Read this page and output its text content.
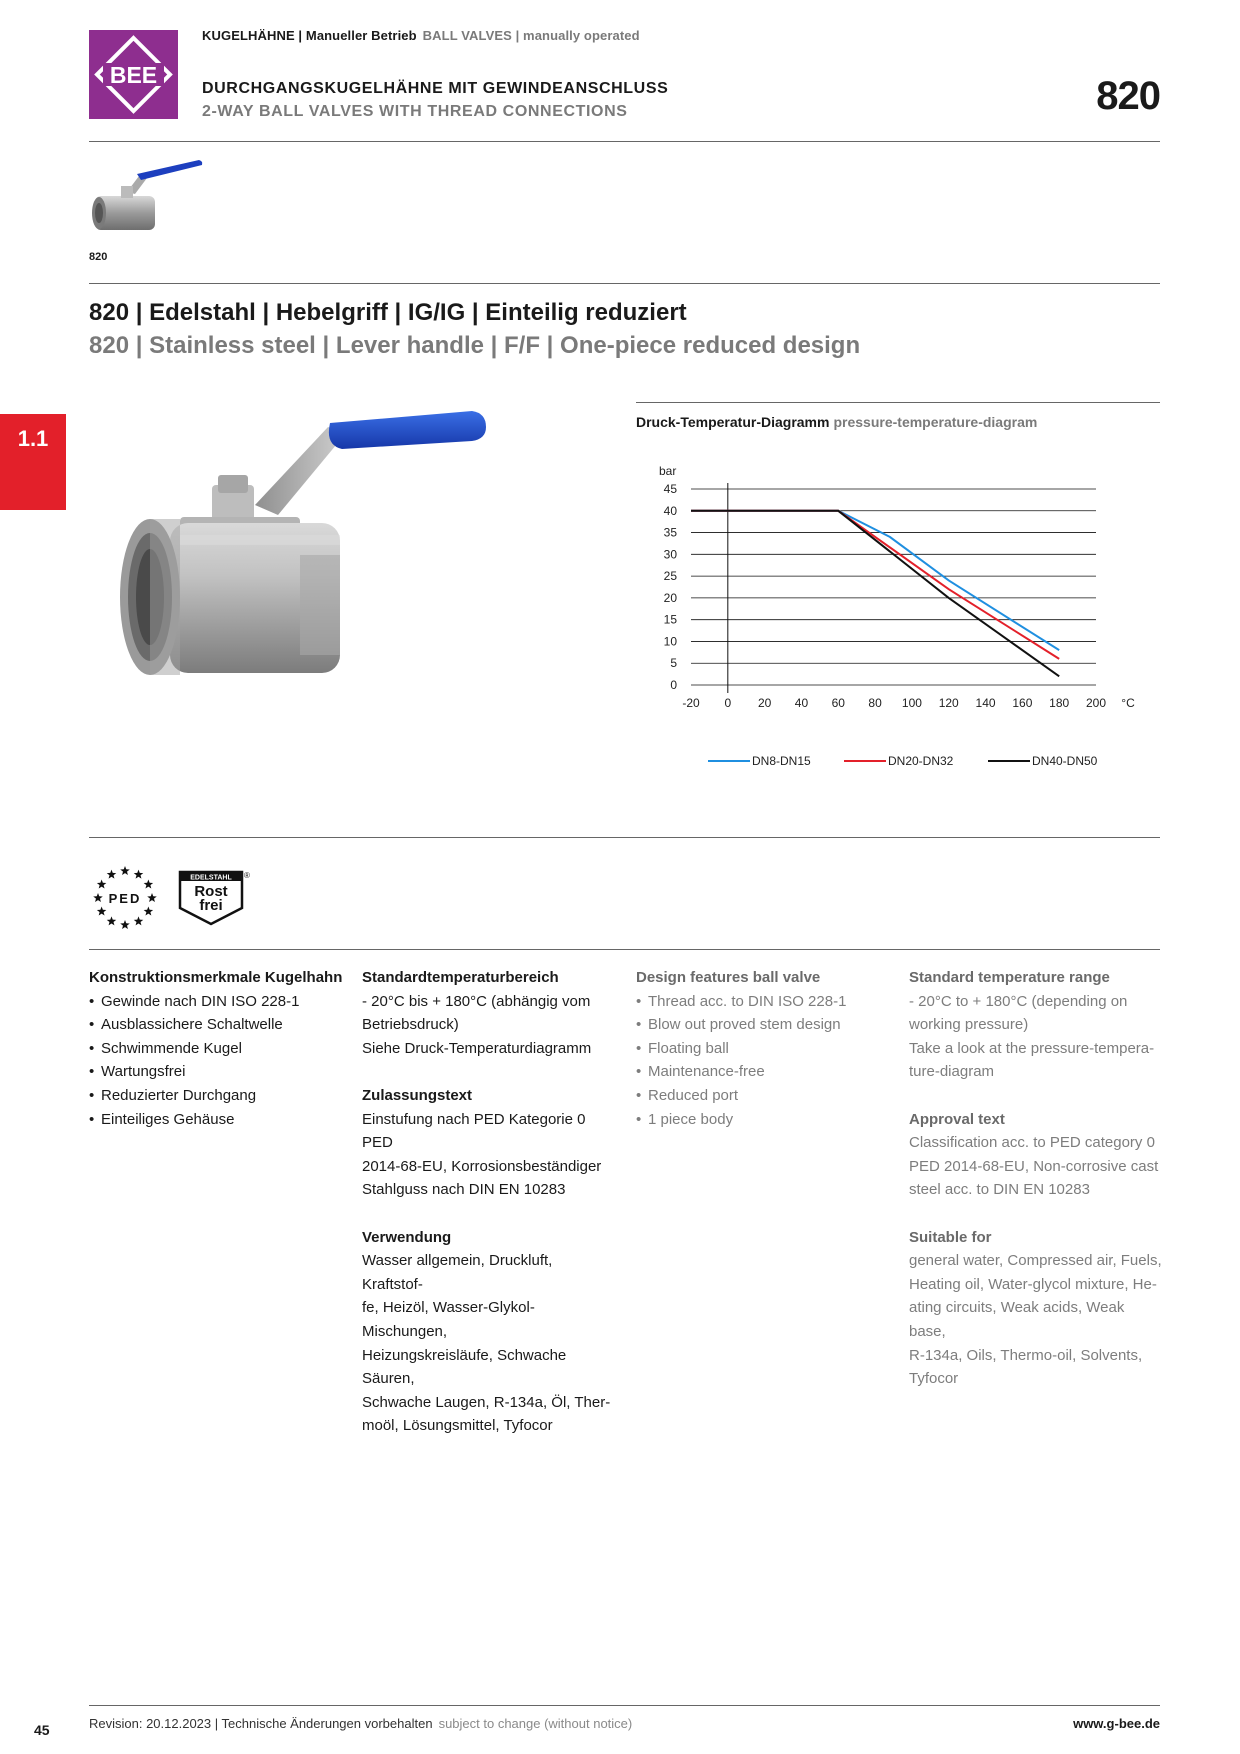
BEE
KUGELHÄHNE | Manueller Betrieb BALL VALVES | manually operated
DURCHGANGSKUGELHÄHNE MIT GEWINDEANSCHLUSS
2-WAY BALL VALVES WITH THREAD CONNECTIONS	820
820
820 | Edelstahl | Hebelgriff | IG/IG | Einteilig reduziert
820 | Stainless steel | Lever handle | F/F | One-piece reduced design
1.1
Druck-Temperatur-Diagramm pressure-temperature-diagram
0
5
10
15
20
25
30
35
40
45
-20 0 20 40 60 80 100 120 140 160 180 200
bar
°C
DN8-DN15	DN20-DN32	DN40-DN50
PED
EDELSTAHL
Rost
frei
®
Konstruktionsmerkmale Kugelhahn
• Gewinde nach DIN ISO 228-1
• Ausblassichere Schaltwelle
• Schwimmende Kugel
• Wartungsfrei
• Reduzierter Durchgang
• Einteiliges Gehäuse
Standardtemperaturbereich

- 20°C bis + 180°C (abhängig vom

Betriebsdruck)

Siehe Druck-Temperaturdiagramm

Zulassungstext

Einstufung nach PED Kategorie 0 PED

2014-68-EU, Korrosionsbeständiger

Stahlguss nach DIN EN 10283

Verwendung

Wasser allgemein, Druckluft, Kraftstof-

fe, Heizöl, Wasser-Glykol-Mischungen,

Heizungskreisläufe, Schwache Säuren,

Schwache Laugen, R-134a, Öl, Ther-

moöl, Lösungsmittel, Tyfocor

Design features ball valve
• Thread acc. to DIN ISO 228-1
• Blow out proved stem design
• Floating ball
• Maintenance-free
• Reduced port
• 1 piece body
Standard temperature range

- 20°C to + 180°C (depending on

working pressure)

Take a look at the pressure-tempera-

ture-diagram

Approval text

Classification acc. to PED category 0

PED 2014-68-EU, Non-corrosive cast

steel acc. to DIN EN 10283

Suitable for

general water, Compressed air, Fuels,

Heating oil, Water-glycol mixture, He-

ating circuits, Weak acids, Weak base,

R-134a, Oils, Thermo-oil, Solvents,

Tyfocor

45	Revision: 20.12.2023 | Technische Änderungen vorbehalten subject to change (without notice)	www.g-bee.de
